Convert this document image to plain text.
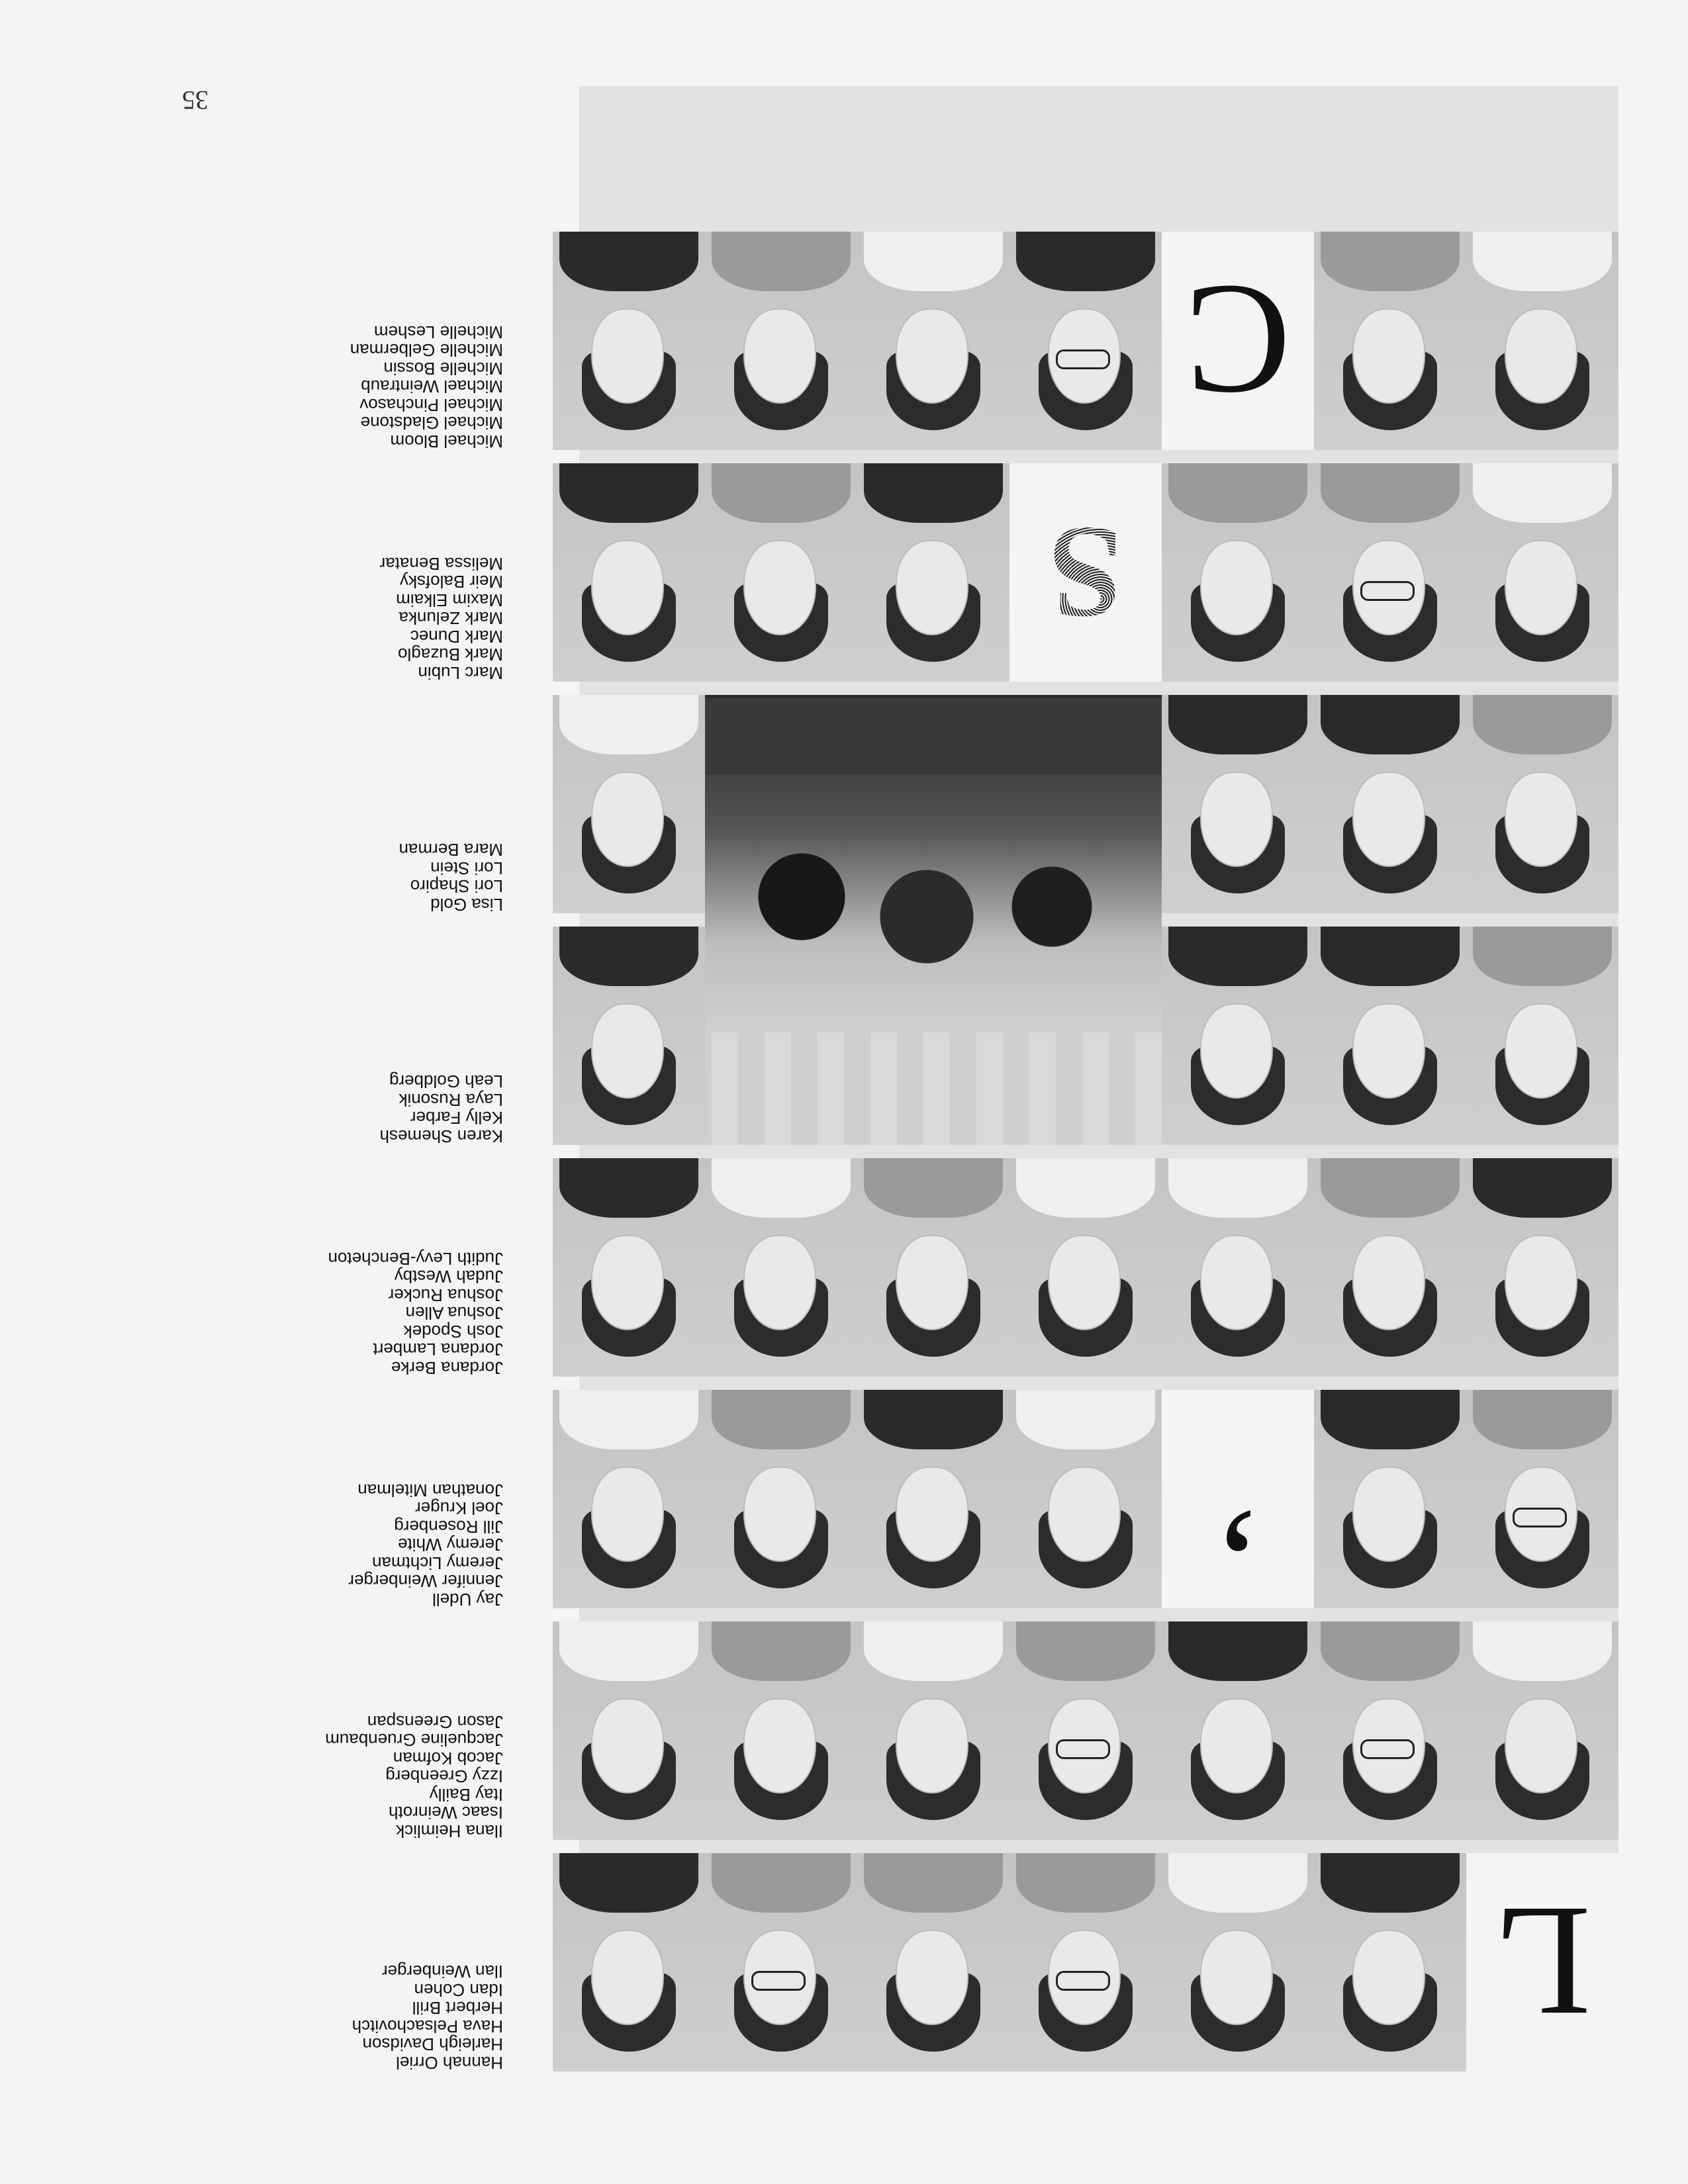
35
L
’
S
C
Hannah Orriel
Harleigh Davidson
Hava Pelsachovitch
Herbert Brill
Idan Cohen
Ilan Weinberger
Ilana Heimlick
Isaac Weinroth
Itay Bailly
Izzy Greenberg
Jacob Kofman
Jacqueline Gruenbaum
Jason Greenspan
Jay Udell
Jennifer Weinberger
Jeremy Lichtman
Jeremy White
Jill Rosenberg
Joel Kruger
Jonathan Mitelman
Jordana Berke
Jordana Lambert
Josh Spodek
Joshua Allen
Joshua Rucker
Judah Westby
Judith Levy-Bencheton
Karen Shemesh
Kelly Farber
Laya Rusonik
Leah Goldberg
Lisa Gold
Lori Shapiro
Lori Stein
Mara Berman
Marc Lubin
Mark Buzaglo
Mark Dunec
Mark Zelunka
Maxim Elkaim
Meir Balofsky
Melissa Benatar
Michael Bloom
Michael Gladstone
Michael Pinchasov
Michael Weintraub
Michelle Bossin
Michelle Gelberman
Michelle Leshem
